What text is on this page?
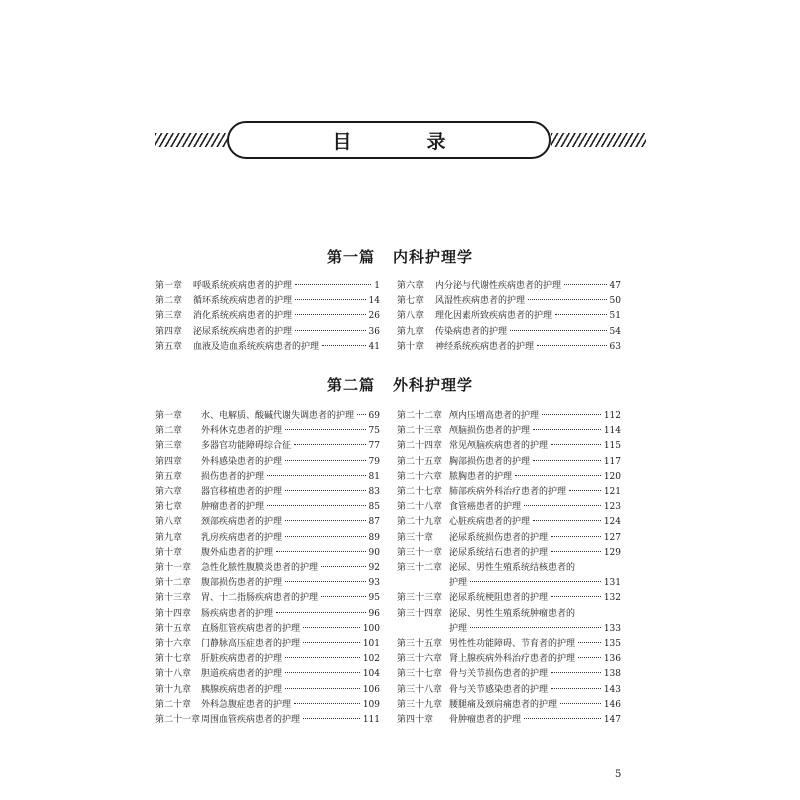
目　录
第一篇 内科护理学
第一章 呼吸系统疾病患者的护理	1
第二章 循环系统疾病患者的护理	14
第三章 消化系统疾病患者的护理	26
第四章 泌尿系统疾病患者的护理	36
第五章 血液及造血系统疾病患者的护理	41
第六章 内分泌与代谢性疾病患者的护理	47
第七章 风湿性疾病患者的护理	50
第八章 理化因素所致疾病患者的护理	51
第九章 传染病患者的护理	54
第十章 神经系统疾病患者的护理	63
第二篇 外科护理学
第一章 水、电解质、酸碱代谢失调患者的护理 69
第二章 外科休克患者的护理	75
第三章 多器官功能障碍综合征	77
第四章 外科感染患者的护理	79
第五章 损伤患者的护理	81
第六章 器官移植患者的护理	83
第七章 肿瘤患者的护理	85
第八章 颈部疾病患者的护理	87
第九章 乳房疾病患者的护理	89
第十章 腹外疝患者的护理	90
第十一章 急性化脓性腹膜炎患者的护理	92
第十二章 腹部损伤患者的护理	93
第十三章 胃、十二指肠疾病患者的护理	95
第十四章 肠疾病患者的护理	96
第十五章 直肠肛管疾病患者的护理	100
第十六章 门静脉高压症患者的护理	101
第十七章 肝脏疾病患者的护理	102
第十八章 胆道疾病患者的护理	104
第十九章 胰腺疾病患者的护理	106
第二十章 外科急腹症患者的护理	109
第二十一章 周围血管疾病患者的护理	111
第二十二章 颅内压增高患者的护理	112
第二十三章 颅脑损伤患者的护理	114
第二十四章 常见颅脑疾病患者的护理	115
第二十五章 胸部损伤患者的护理	117
第二十六章 脓胸患者的护理	120
第二十七章 肺部疾病外科治疗患者的护理	121
第二十八章 食管癌患者的护理	123
第二十九章 心脏疾病患者的护理	124
第三十章 泌尿系统损伤患者的护理	127
第三十一章 泌尿系统结石患者的护理	129
第三十二章 泌尿、男性生殖系统结核患者的
护理	131
第三十三章 泌尿系统梗阻患者的护理	132
第三十四章 泌尿、男性生殖系统肿瘤患者的
护理	133
第三十五章 男性性功能障碍、节育者的护理	135
第三十六章 肾上腺疾病外科治疗患者的护理	136
第三十七章 骨与关节损伤患者的护理	138
第三十八章 骨与关节感染患者的护理	143
第三十九章 腰腿痛及颈肩痛患者的护理	146
第四十章 骨肿瘤患者的护理	147
5
